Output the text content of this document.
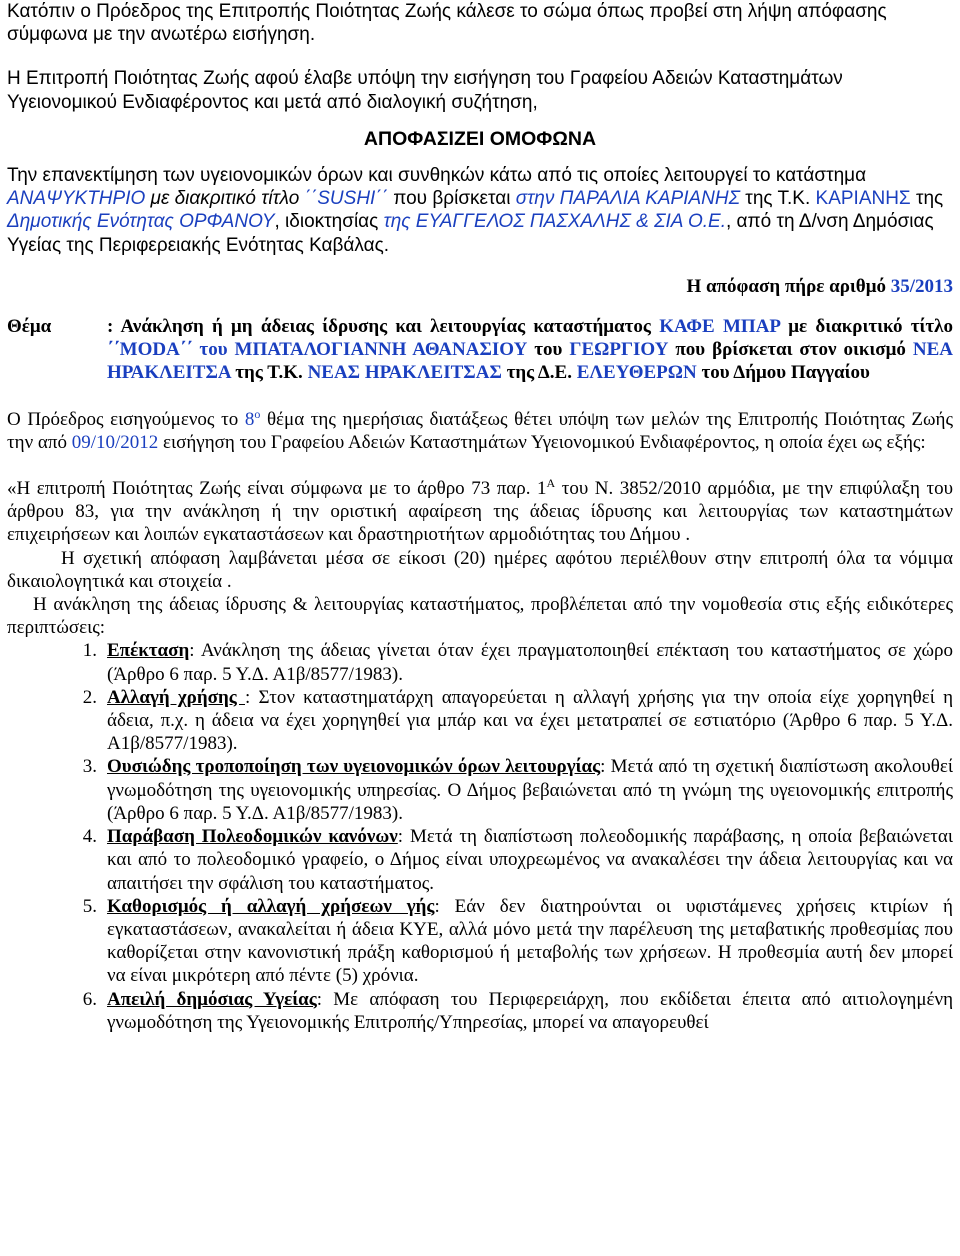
Κατόπιν ο Πρόεδρος της Επιτροπής Ποιότητας Ζωής κάλεσε το σώμα όπως προβεί στη λήψη απόφασης σύμφωνα με την ανωτέρω εισήγηση.

Η Επιτροπή Ποιότητας Ζωής αφού έλαβε υπόψη την εισήγηση του Γραφείου Αδειών Καταστημάτων Υγειονομικού Ενδιαφέροντος και μετά από διαλογική συζήτηση,

ΑΠΟΦΑΣΙΖΕΙ ΟΜΟΦΩΝΑ

Την επανεκτίμηση των υγειονομικών όρων και συνθηκών κάτω από τις οποίες λειτουργεί το κατάστημα ΑΝΑΨΥΚΤΗΡΙΟ με διακριτικό τίτλο ΄΄SUSHI΄΄ που βρίσκεται στην ΠΑΡΑΛΙΑ ΚΑΡΙΑΝΗΣ της Τ.Κ. ΚΑΡΙΑΝΗΣ της Δημοτικής Ενότητας ΟΡΦΑΝΟΥ, ιδιοκτησίας της ΕΥΑΓΓΕΛΟΣ ΠΑΣΧΑΛΗΣ & ΣΙΑ Ο.Ε., από τη Δ/νση Δημόσιας Υγείας της Περιφερειακής Ενότητας Καβάλας.

Η απόφαση πήρε αριθμό 35/2013
Θέμα	: Ανάκληση ή μη άδειας ίδρυσης και λειτουργίας καταστήματος ΚΑΦΕ ΜΠΑΡ με διακριτικό τίτλο ΄΄MODA΄΄ του ΜΠΑΤΑΛΟΓΙΑΝΝΗ ΑΘΑΝΑΣΙΟΥ του ΓΕΩΡΓΙΟΥ που βρίσκεται στον οικισμό ΝΕΑ ΗΡΑΚΛΕΙΤΣΑ της Τ.Κ. ΝΕΑΣ ΗΡΑΚΛΕΙΤΣΑΣ της Δ.Ε. ΕΛΕΥΘΕΡΩΝ του Δήμου Παγγαίου

Ο Πρόεδρος εισηγούμενος το $8^o$ θέμα της ημερήσιας διατάξεως θέτει υπόψη των μελών της Επιτροπής Ποιότητας Ζωής την από 09/10/2012 εισήγηση του Γραφείου Αδειών Καταστημάτων Υγειονομικού Ενδιαφέροντος, η οποία έχει ως εξής:

«Η επιτροπή Ποιότητας Ζωής είναι σύμφωνα με το άρθρο 73 παρ. $1^A$ του Ν. 3852/2010 αρμόδια, με την επιφύλαξη του άρθρου 83, για την ανάκληση ή την οριστική αφαίρεση της άδειας ίδρυσης και λειτουργίας των καταστημάτων επιχειρήσεων και λοιπών εγκαταστάσεων και δραστηριοτήτων αρμοδιότητας του Δήμου .

Η σχετική απόφαση λαμβάνεται μέσα σε είκοσι (20) ημέρες αφότου περιέλθουν στην επιτροπή όλα τα νόμιμα δικαιολογητικά και στοιχεία .

Η ανάκληση της άδειας ίδρυσης & λειτουργίας καταστήματος, προβλέπεται από την νομοθεσία στις εξής ειδικότερες περιπτώσεις:

1. Επέκταση: Ανάκληση της άδειας γίνεται όταν έχει πραγματοποιηθεί επέκταση του καταστήματος σε χώρο (Άρθρο 6 παρ. 5 Υ.Δ. Α1β/8577/1983).
2. Αλλαγή χρήσης : Στον καταστηματάρχη απαγορεύεται η αλλαγή χρήσης για την οποία είχε χορηγηθεί η άδεια, π.χ. η άδεια να έχει χορηγηθεί για μπάρ και να έχει μετατραπεί σε εστιατόριο (Άρθρο 6 παρ. 5 Υ.Δ. Α1β/8577/1983).
3. Ουσιώδης τροποποίηση των υγειονομικών όρων λειτουργίας: Μετά από τη σχετική διαπίστωση ακολουθεί γνωμοδότηση της υγειονομικής υπηρεσίας. Ο Δήμος βεβαιώνεται από τη γνώμη της υγειονομικής επιτροπής (Άρθρο 6 παρ. 5 Υ.Δ. Α1β/8577/1983).
4. Παράβαση Πολεοδομικών κανόνων: Μετά τη διαπίστωση πολεοδομικής παράβασης, η οποία βεβαιώνεται και από το πολεοδομικό γραφείο, ο Δήμος είναι υποχρεωμένος να ανακαλέσει την άδεια λειτουργίας και να απαιτήσει την σφάλιση του καταστήματος.
5. Καθορισμός ή αλλαγή χρήσεων γής: Εάν δεν διατηρούνται οι υφιστάμενες χρήσεις κτιρίων ή εγκαταστάσεων, ανακαλείται ή άδεια ΚΥΕ, αλλά μόνο μετά την παρέλευση της μεταβατικής προθεσμίας που καθορίζεται στην κανονιστική πράξη καθορισμού ή μεταβολής των χρήσεων. Η προθεσμία αυτή δεν μπορεί να είναι μικρότερη από πέντε (5) χρόνια.
6. Απειλή δημόσιας Υγείας: Με απόφαση του Περιφερειάρχη, που εκδίδεται έπειτα από αιτιολογημένη γνωμοδότηση της Υγειονομικής Επιτροπής/Υπηρεσίας, μπορεί να απαγορευθεί
